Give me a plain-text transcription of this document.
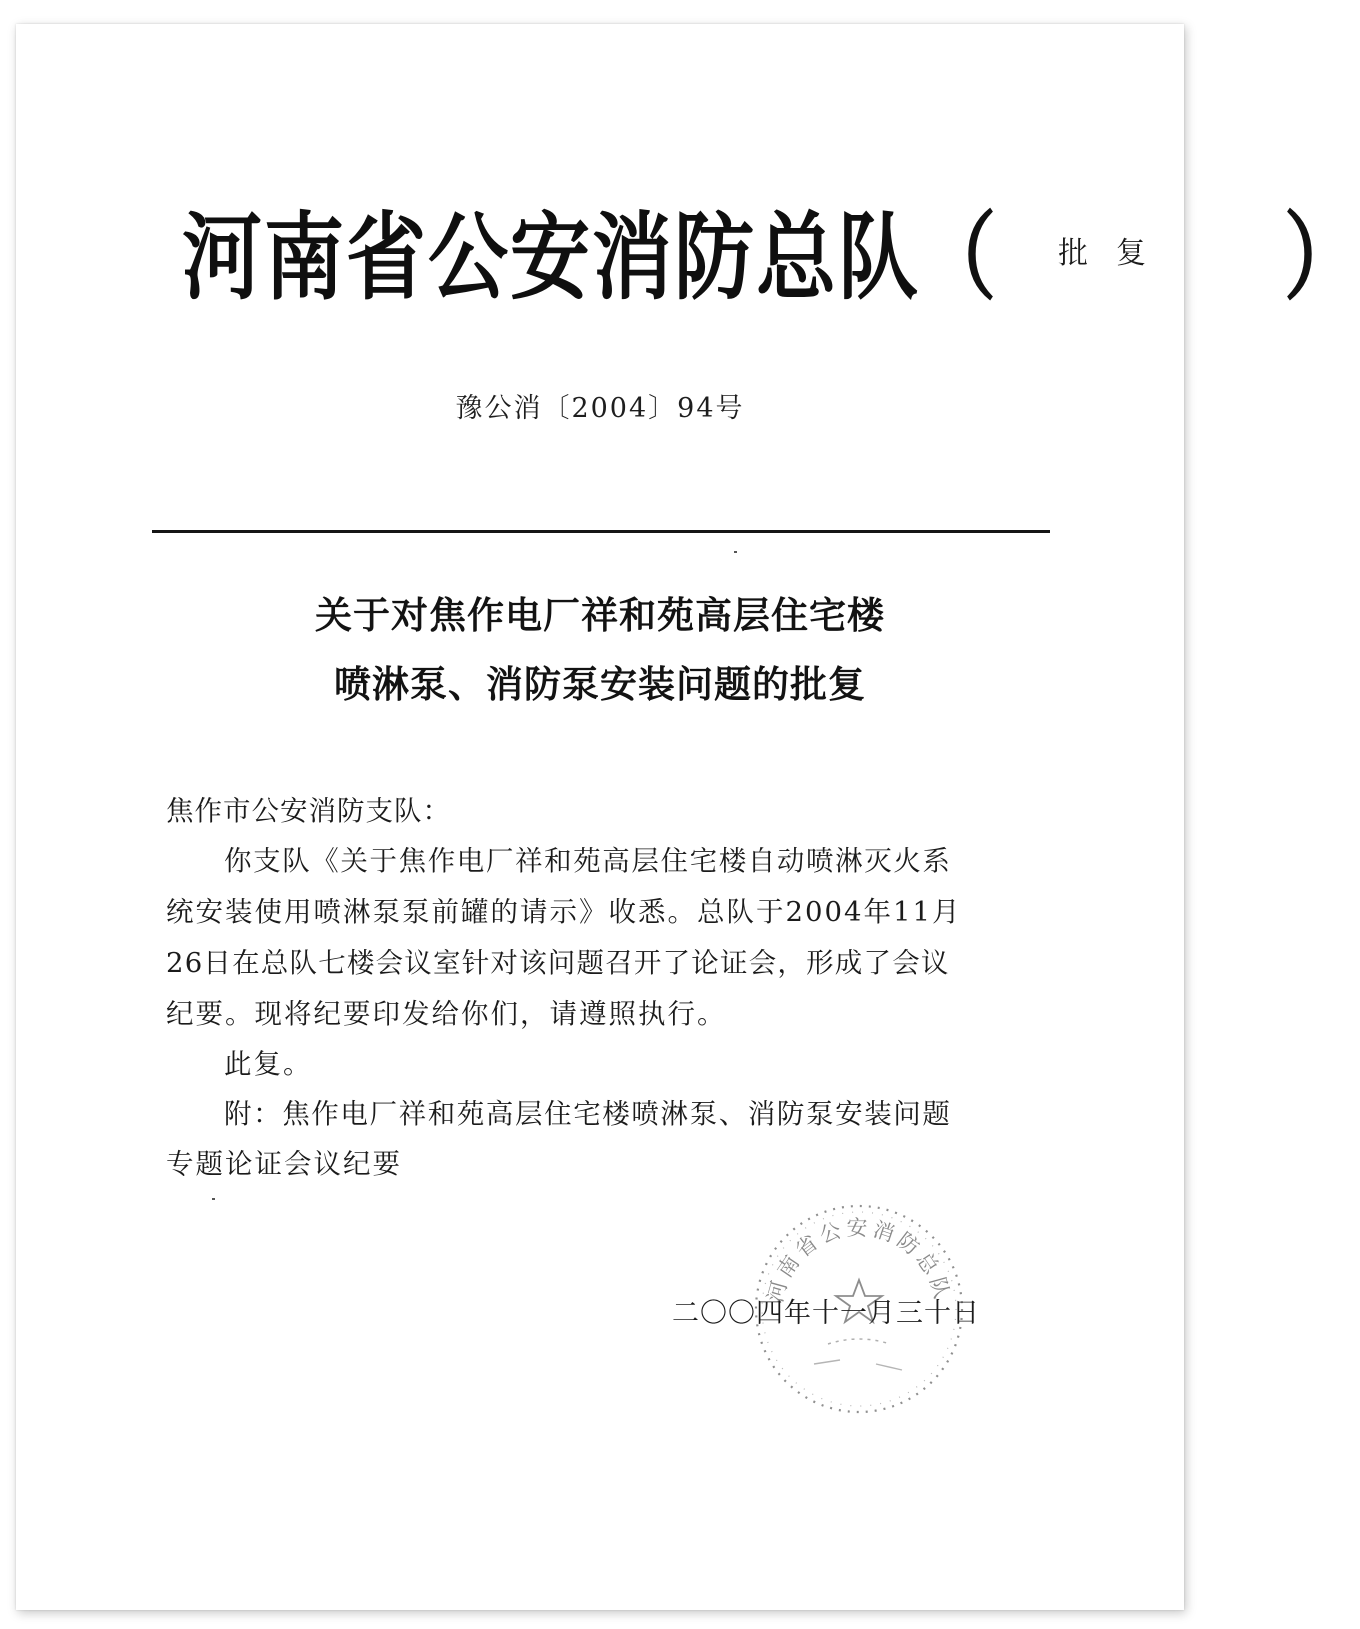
河南省公安消防总队 （ 批复 ）
豫公消〔2004〕94号
关于对焦作电厂祥和苑高层住宅楼
喷淋泵、消防泵安装问题的批复
焦作市公安消防支队：
你支队《关于焦作电厂祥和苑高层住宅楼自动喷淋灭火系
统安装使用喷淋泵泵前罐的请示》收悉。总队于2004年11月
26日在总队七楼会议室针对该问题召开了论证会，形成了会议
纪要。现将纪要印发给你们，请遵照执行。
此复。
附：焦作电厂祥和苑高层住宅楼喷淋泵、消防泵安装问题
专题论证会议纪要
河南省公安消防总队
二〇〇四年十一月三十日
